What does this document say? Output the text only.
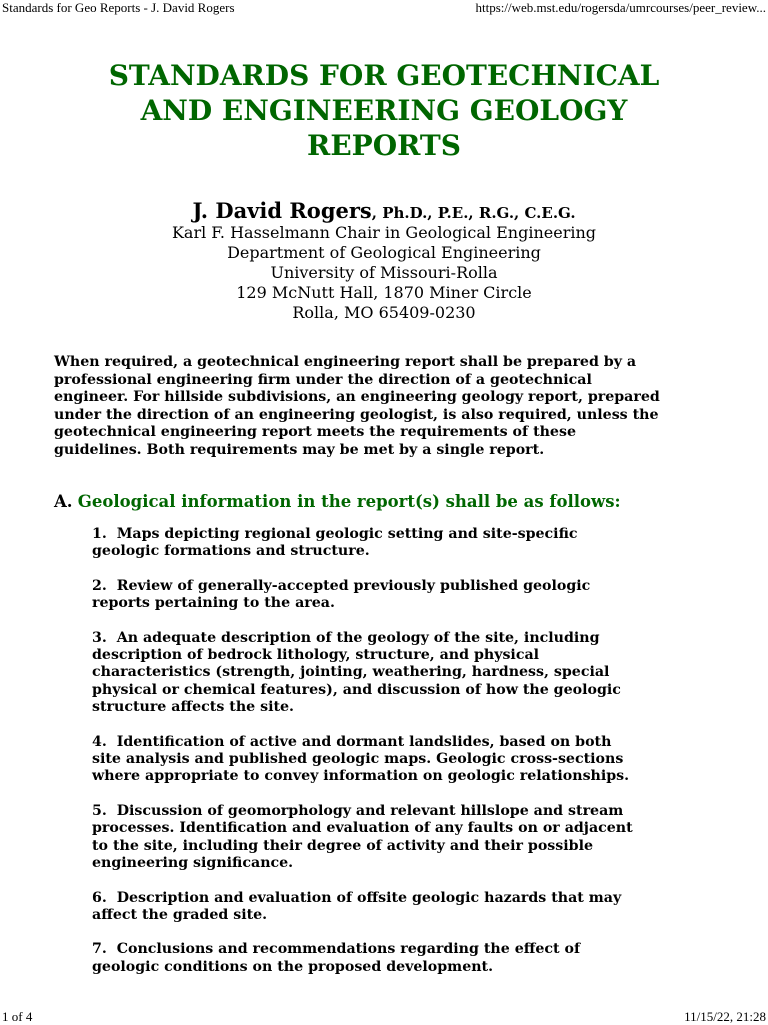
Standards for Geo Reports - J. David Rogers	https://web.mst.edu/rogersda/umrcourses/peer_review...
STANDARDS FOR GEOTECHNICAL
AND ENGINEERING GEOLOGY
REPORTS
J. David Rogers, Ph.D., P.E., R.G., C.E.G.
Karl F. Hasselmann Chair in Geological Engineering
Department of Geological Engineering
University of Missouri-Rolla
129 McNutt Hall, 1870 Miner Circle
Rolla, MO 65409-0230

When required, a geotechnical engineering report shall be prepared by a
professional engineering firm under the direction of a geotechnical
engineer. For hillside subdivisions, an engineering geology report, prepared
under the direction of an engineering geologist, is also required, unless the
geotechnical engineering report meets the requirements of these
guidelines. Both requirements may be met by a single report.

A. Geological information in the report(s) shall be as follows:

1.  Maps depicting regional geologic setting and site-specific
geologic formations and structure.

2.  Review of generally-accepted previously published geologic
reports pertaining to the area.

3.  An adequate description of the geology of the site, including
description of bedrock lithology, structure, and physical
characteristics (strength, jointing, weathering, hardness, special
physical or chemical features), and discussion of how the geologic
structure affects the site.

4.  Identification of active and dormant landslides, based on both
site analysis and published geologic maps. Geologic cross-sections
where appropriate to convey information on geologic relationships.

5.  Discussion of geomorphology and relevant hillslope and stream
processes. Identification and evaluation of any faults on or adjacent
to the site, including their degree of activity and their possible
engineering significance.

6.  Description and evaluation of offsite geologic hazards that may
affect the graded site.

7.  Conclusions and recommendations regarding the effect of
geologic conditions on the proposed development.

1 of 4	11/15/22, 21:28
